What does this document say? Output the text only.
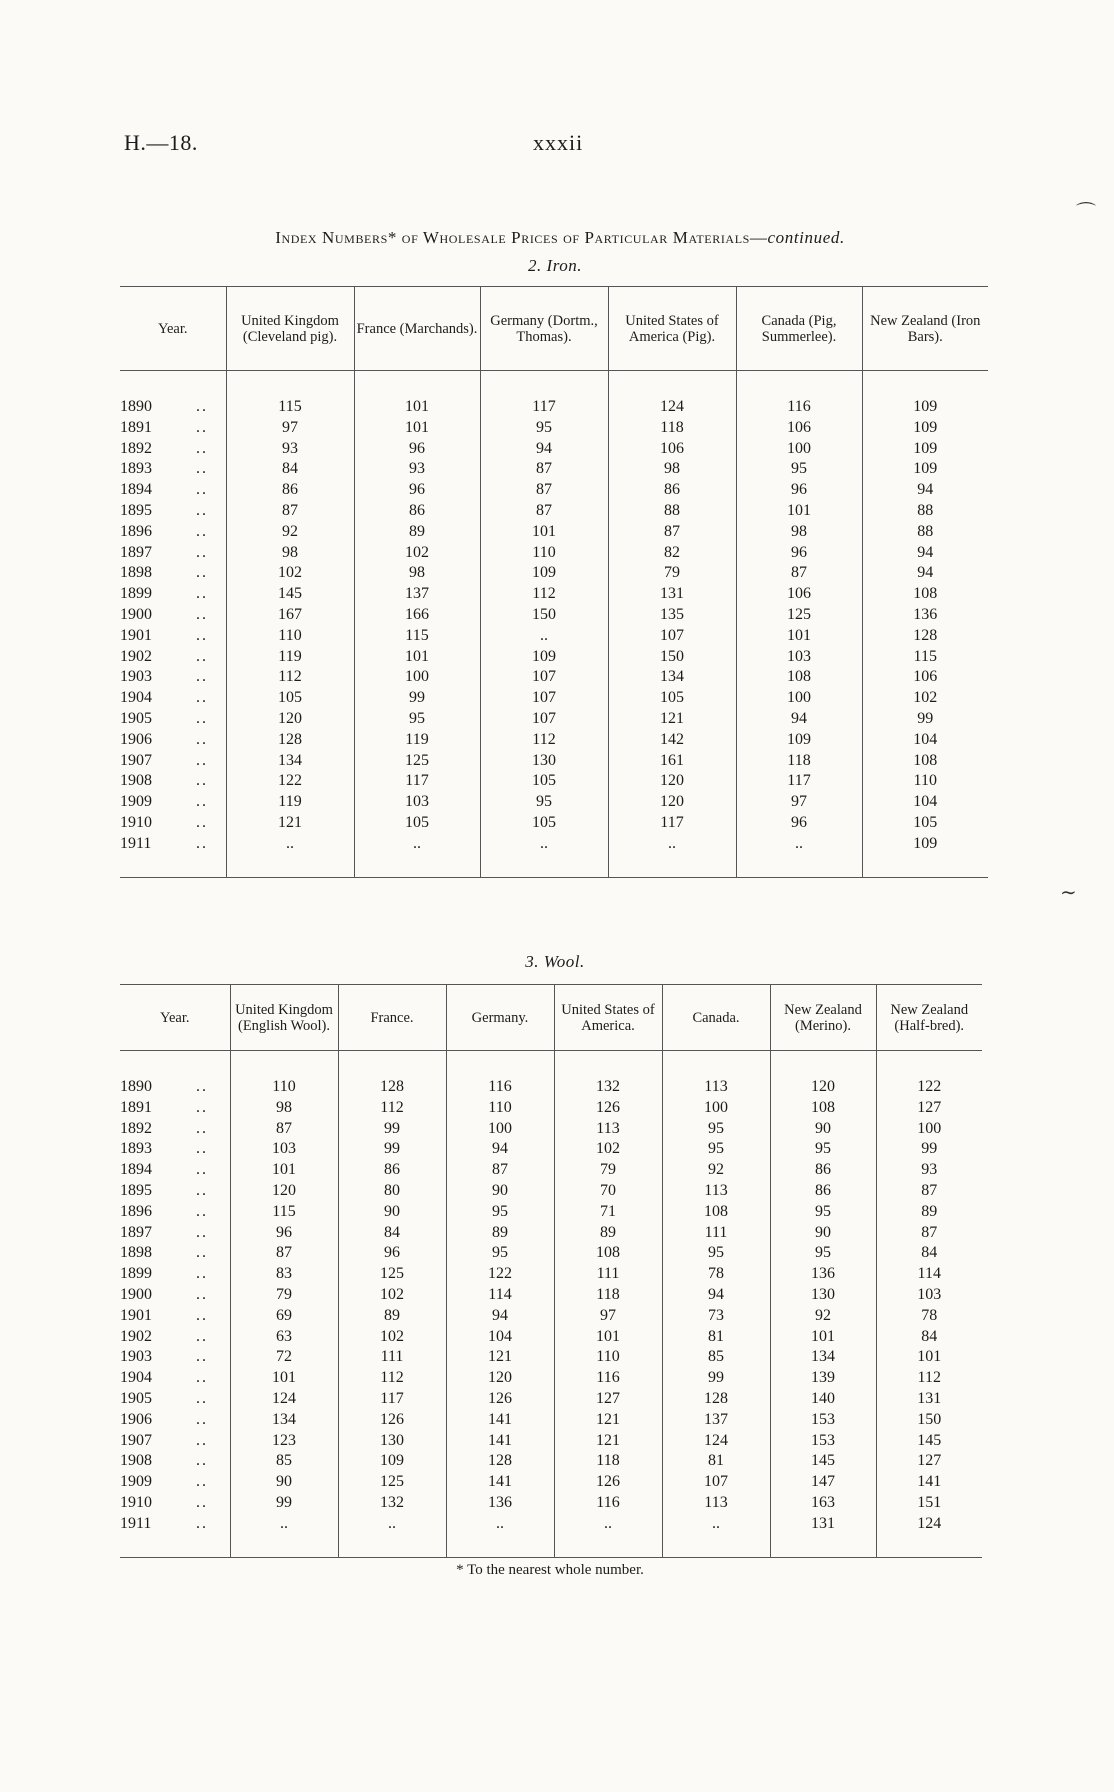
H.—18.	xxxii
Index Numbers* of Wholesale Prices of Particular Materials—continued.
2. Iron.
Year.	United Kingdom (Cleveland pig).	France (Marchands).	Germany (Dortm., Thomas).	United States of America (Pig).	Canada (Pig, Summerlee).	New Zealand (Iron Bars).

1890 ..	115	101	117	124	116	109
1891 ..	97	101	95	118	106	109
1892 ..	93	96	94	106	100	109
1893 ..	84	93	87	98	95	109
1894 ..	86	96	87	86	96	94
1895 ..	87	86	87	88	101	88
1896 ..	92	89	101	87	98	88
1897 ..	98	102	110	82	96	94
1898 ..	102	98	109	79	87	94
1899 ..	145	137	112	131	106	108
1900 ..	167	166	150	135	125	136
1901 ..	110	115	..	107	101	128
1902 ..	119	101	109	150	103	115
1903 ..	112	100	107	134	108	106
1904 ..	105	99	107	105	100	102
1905 ..	120	95	107	121	94	99
1906 ..	128	119	112	142	109	104
1907 ..	134	125	130	161	118	108
1908 ..	122	117	105	120	117	110
1909 ..	119	103	95	120	97	104
1910 ..	121	105	105	117	96	105
1911 ..	..	..	..	..	..	109

3. Wool.
Year.	United Kingdom (English Wool).	France.	Germany.	United States of America.	Canada.	New Zealand (Merino).	New Zealand (Half-bred).

1890 ..	110	128	116	132	113	120	122
1891 ..	98	112	110	126	100	108	127
1892 ..	87	99	100	113	95	90	100
1893 ..	103	99	94	102	95	95	99
1894 ..	101	86	87	79	92	86	93
1895 ..	120	80	90	70	113	86	87
1896 ..	115	90	95	71	108	95	89
1897 ..	96	84	89	89	111	90	87
1898 ..	87	96	95	108	95	95	84
1899 ..	83	125	122	111	78	136	114
1900 ..	79	102	114	118	94	130	103
1901 ..	69	89	94	97	73	92	78
1902 ..	63	102	104	101	81	101	84
1903 ..	72	111	121	110	85	134	101
1904 ..	101	112	120	116	99	139	112
1905 ..	124	117	126	127	128	140	131
1906 ..	134	126	141	121	137	153	150
1907 ..	123	130	141	121	124	153	145
1908 ..	85	109	128	118	81	145	127
1909 ..	90	125	141	126	107	147	141
1910 ..	99	132	136	116	113	163	151
1911 ..	..	..	..	..	..	131	124

* To the nearest whole number.
⌒
∼
